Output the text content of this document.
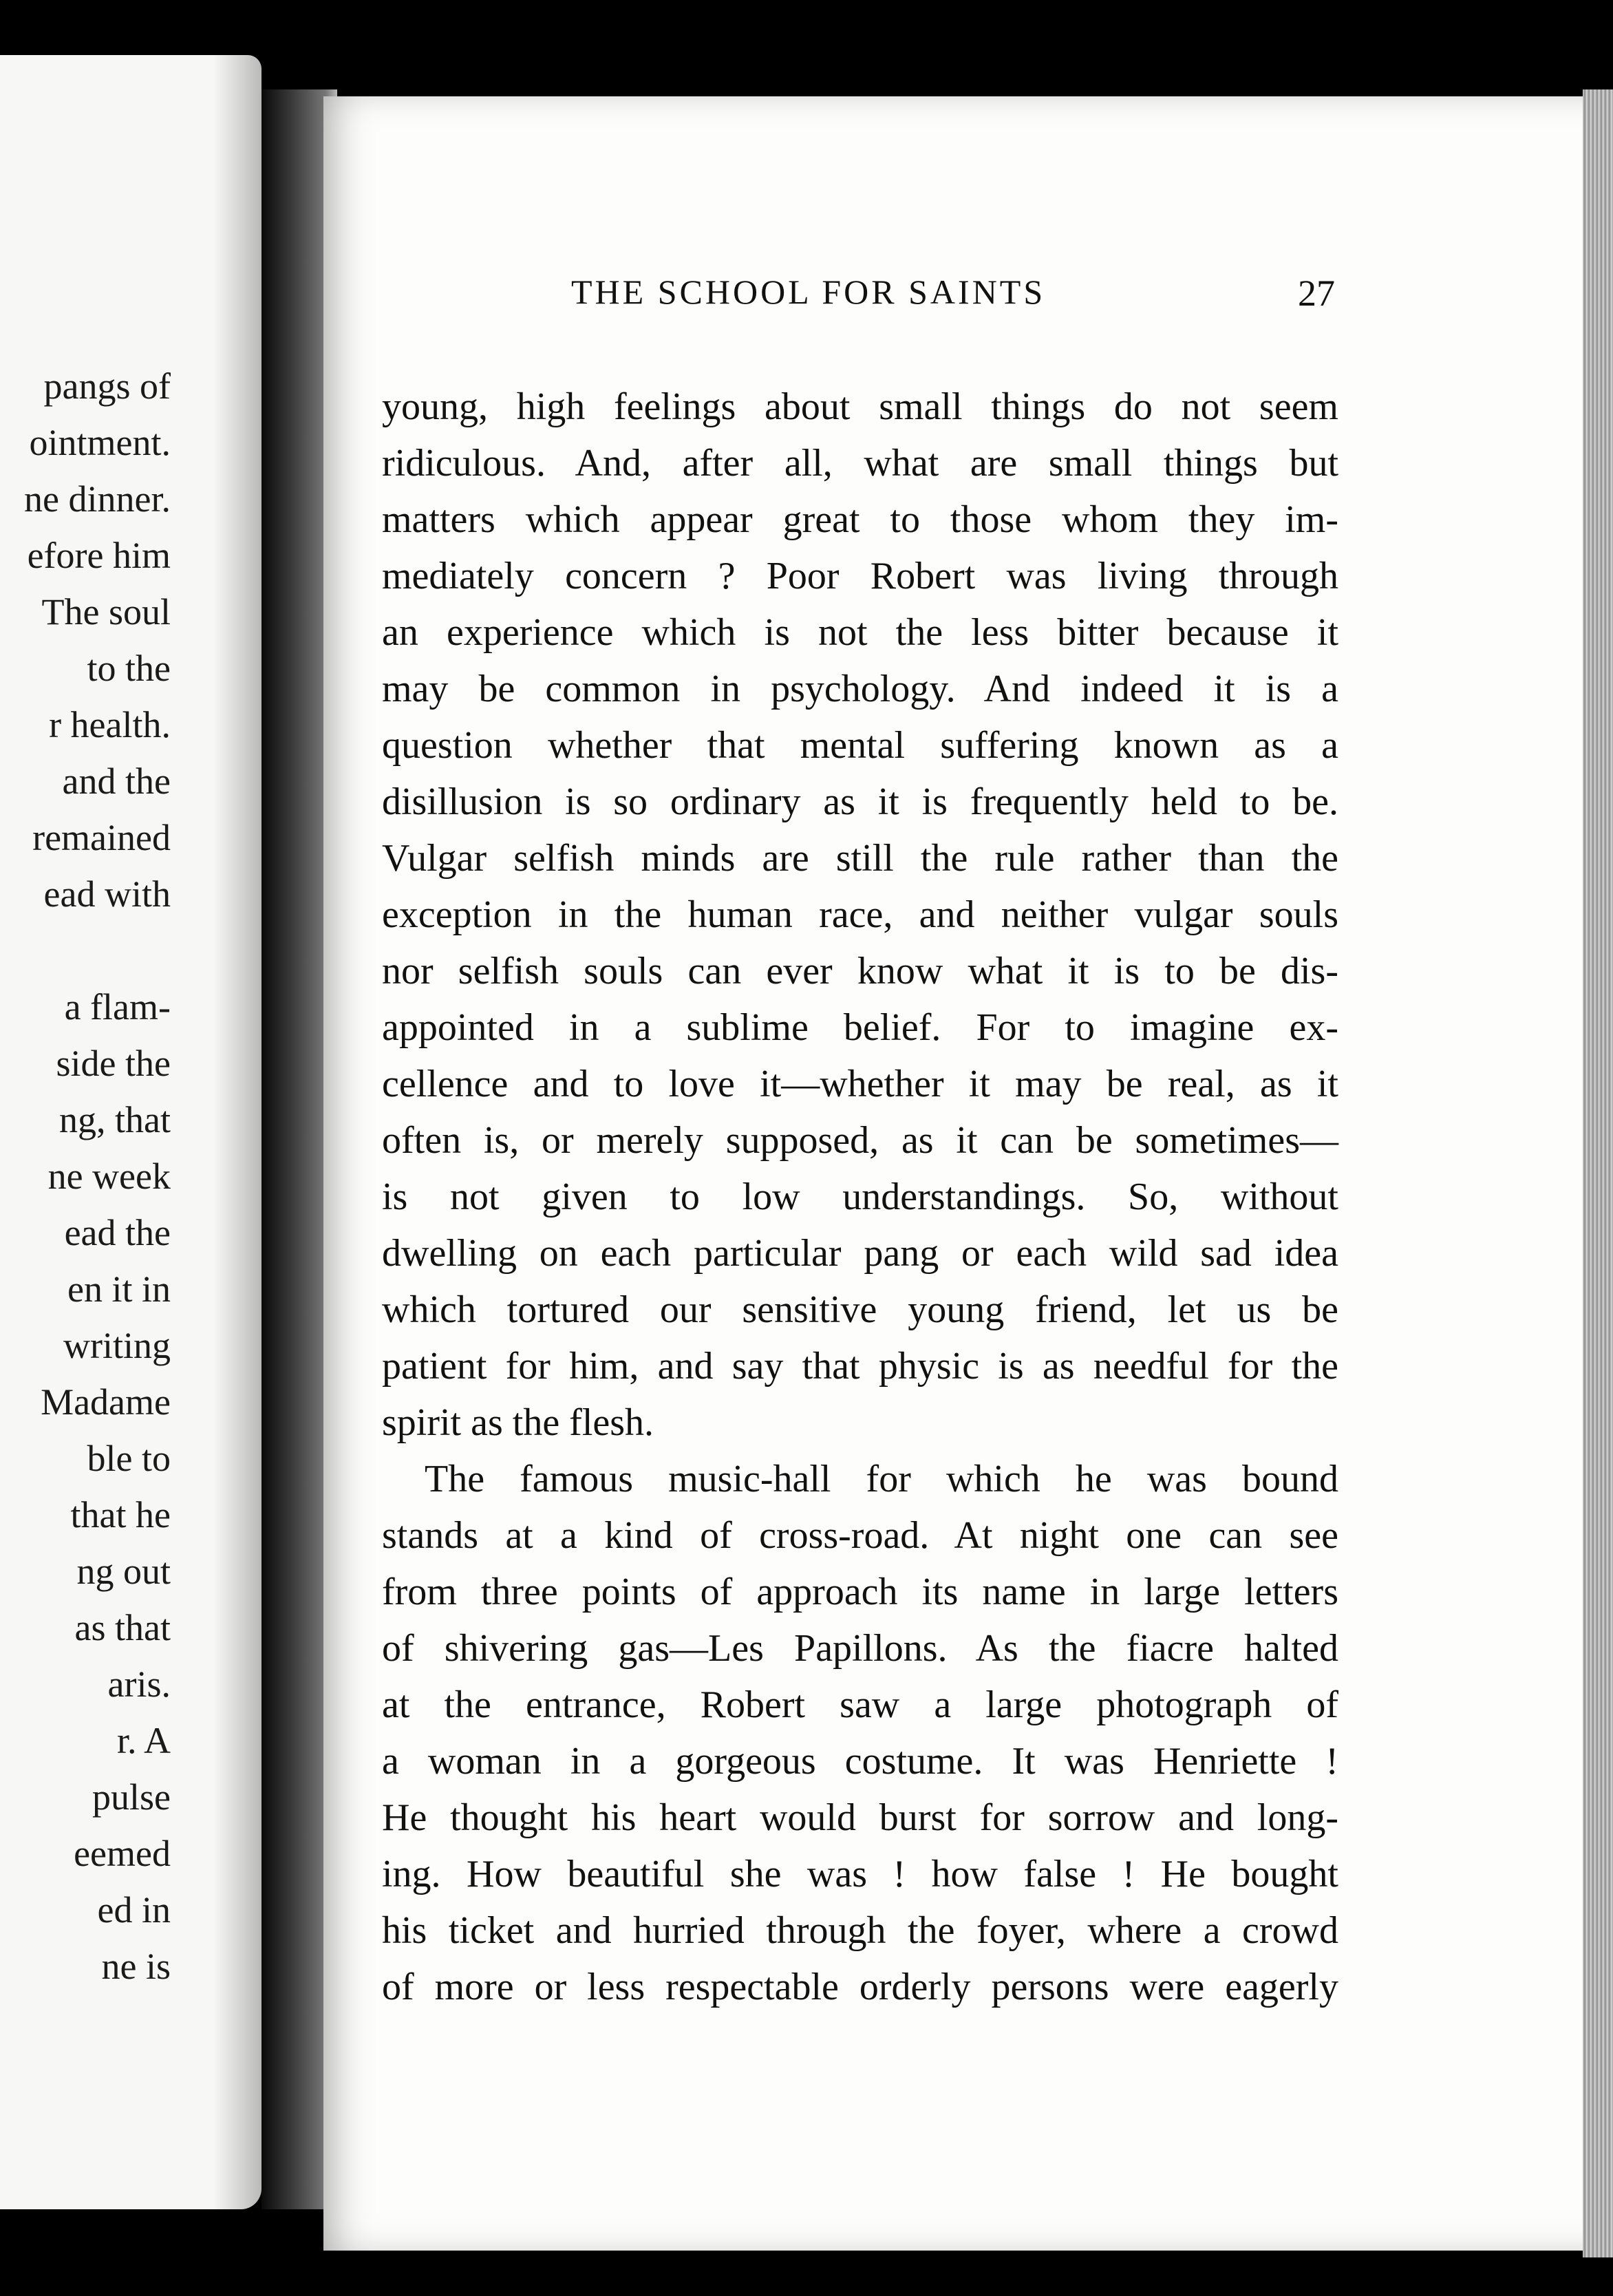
pangs of
ointment.
ne dinner.
efore him
The soul
to the
r health.
and the
remained
ead with
a flam-
side the
ng, that
ne week
ead the
en it in
writing
Madame
ble to
that he
ng out
as that
aris.
r. A
pulse
eemed
ed in
ne is
THE SCHOOL FOR SAINTS	27
young, high feelings about small things do not seem
ridiculous. And, after all, what are small things but
matters which appear great to those whom they im-
mediately concern ? Poor Robert was living through
an experience which is not the less bitter because it
may be common in psychology. And indeed it is a
question whether that mental suffering known as a
disillusion is so ordinary as it is frequently held to be.
Vulgar selfish minds are still the rule rather than the
exception in the human race, and neither vulgar souls
nor selfish souls can ever know what it is to be dis-
appointed in a sublime belief. For to imagine ex-
cellence and to love it—whether it may be real, as it
often is, or merely supposed, as it can be sometimes—
is not given to low understandings. So, without
dwelling on each particular pang or each wild sad idea
which tortured our sensitive young friend, let us be
patient for him, and say that physic is as needful for the
spirit as the flesh.
The famous music-hall for which he was bound
stands at a kind of cross-road. At night one can see
from three points of approach its name in large letters
of shivering gas—Les Papillons. As the fiacre halted
at the entrance, Robert saw a large photograph of
a woman in a gorgeous costume. It was Henriette !
He thought his heart would burst for sorrow and long-
ing. How beautiful she was ! how false ! He bought
his ticket and hurried through the foyer, where a crowd
of more or less respectable orderly persons were eagerly
